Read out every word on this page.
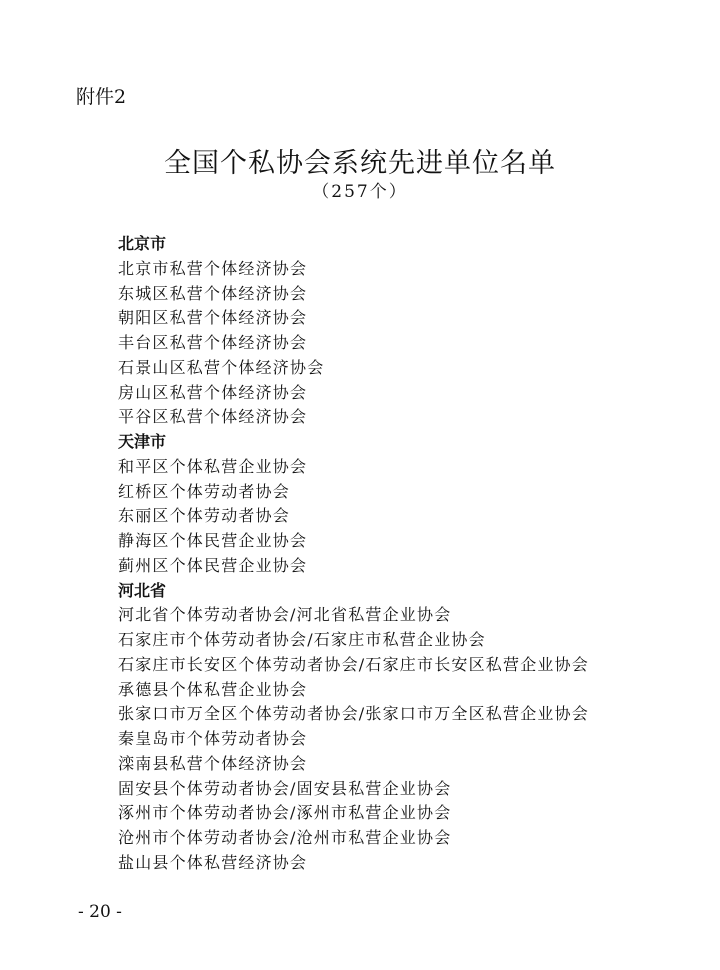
附件2
全国个私协会系统先进单位名单
（257个）
北京市
北京市私营个体经济协会
东城区私营个体经济协会
朝阳区私营个体经济协会
丰台区私营个体经济协会
石景山区私营个体经济协会
房山区私营个体经济协会
平谷区私营个体经济协会
天津市
和平区个体私营企业协会
红桥区个体劳动者协会
东丽区个体劳动者协会
静海区个体民营企业协会
蓟州区个体民营企业协会
河北省
河北省个体劳动者协会/河北省私营企业协会
石家庄市个体劳动者协会/石家庄市私营企业协会
石家庄市长安区个体劳动者协会/石家庄市长安区私营企业协会
承德县个体私营企业协会
张家口市万全区个体劳动者协会/张家口市万全区私营企业协会
秦皇岛市个体劳动者协会
滦南县私营个体经济协会
固安县个体劳动者协会/固安县私营企业协会
涿州市个体劳动者协会/涿州市私营企业协会
沧州市个体劳动者协会/沧州市私营企业协会
盐山县个体私营经济协会
- 20 -
